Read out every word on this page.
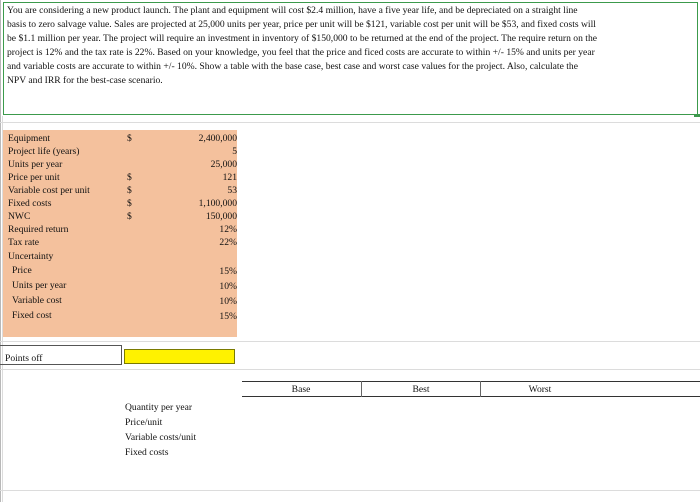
You are considering a new product launch. The plant and equipment will cost $2.4 million, have a five year life, and be depreciated on a straight line
basis to zero salvage value. Sales are projected at 25,000 units per year, price per unit will be $121, variable cost per unit will be $53, and fixed costs will
be $1.1 million per year. The project will require an investment in inventory of $150,000 to be returned at the end of the project. The require return on the
project is 12% and the tax rate is 22%. Based on your knowledge, you feel that the price and ficed costs are accurate to within +/- 15% and units per year
and variable costs are accurate to within +/- 10%. Show a table with the base case, best case and worst case values for the project. Also, calculate the
NPV and IRR for the best-case scenario.
Equipment	$	2,400,000
Project life (years)	5
Units per year	25,000
Price per unit	$	121
Variable cost per unit	$	53
Fixed costs	$	1,100,000
NWC	$	150,000
Required return	12%
Tax rate	22%
Uncertainty
Price	15%
Units per year	10%
Variable cost	10%
Fixed cost	15%
Points off
Base	Best	Worst
Quantity per year
Price/unit
Variable costs/unit
Fixed costs
